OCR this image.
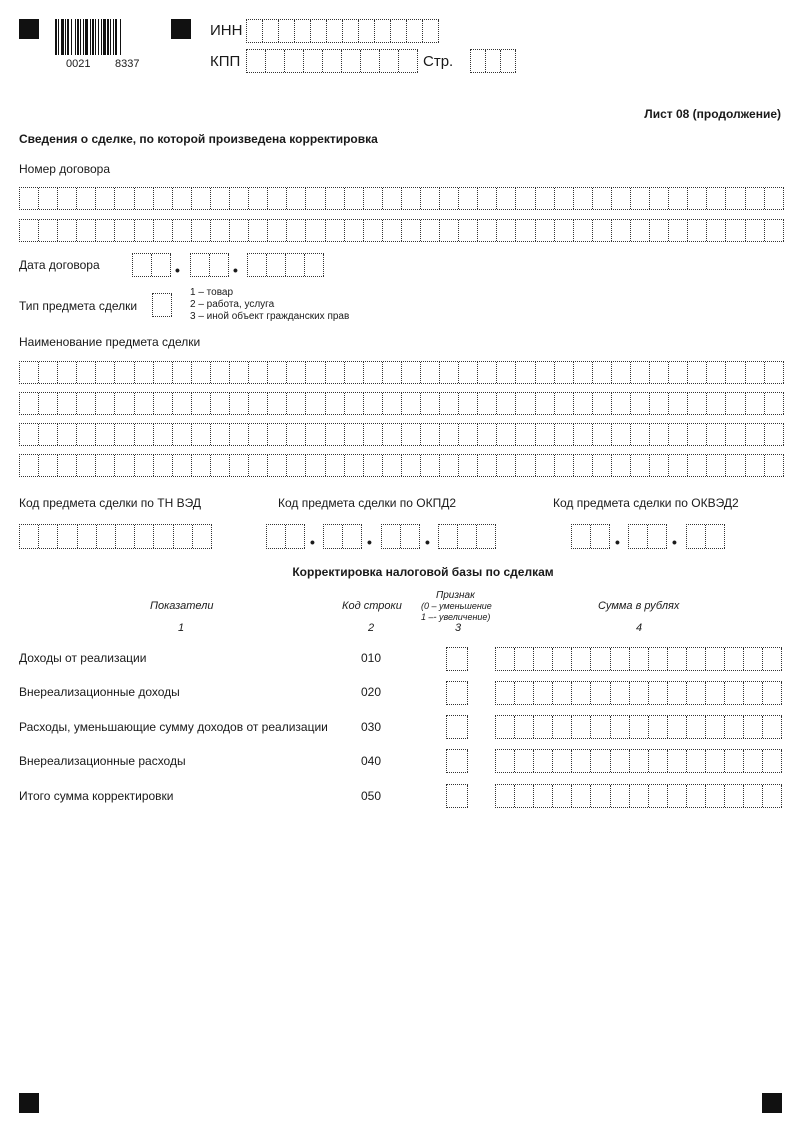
0021 8337
ИНН
КПП	Стр.
Лист 08 (продолжение)
Сведения о сделке, по которой произведена корректировка
Номер договора
Дата договора	•	•
Тип предмета сделки
1 – товар
2 – работа, услуга
3 – иной объект гражданских прав
Наименование предмета сделки
Код предмета сделки по ТН ВЭД	Код предмета сделки по ОКПД2	Код предмета сделки по ОКВЭД2
•	•	•	•	•
Корректировка налоговой базы по сделкам
Показатели	Код строки
Признак
(0 – уменьшение
1 –- увеличение)
Сумма в рублях
1	2	3	4
Доходы от реализации	010
Внереализационные доходы	020
Расходы, уменьшающие сумму доходов от реализации	030
Внереализационные расходы	040
Итого сумма корректировки	050
